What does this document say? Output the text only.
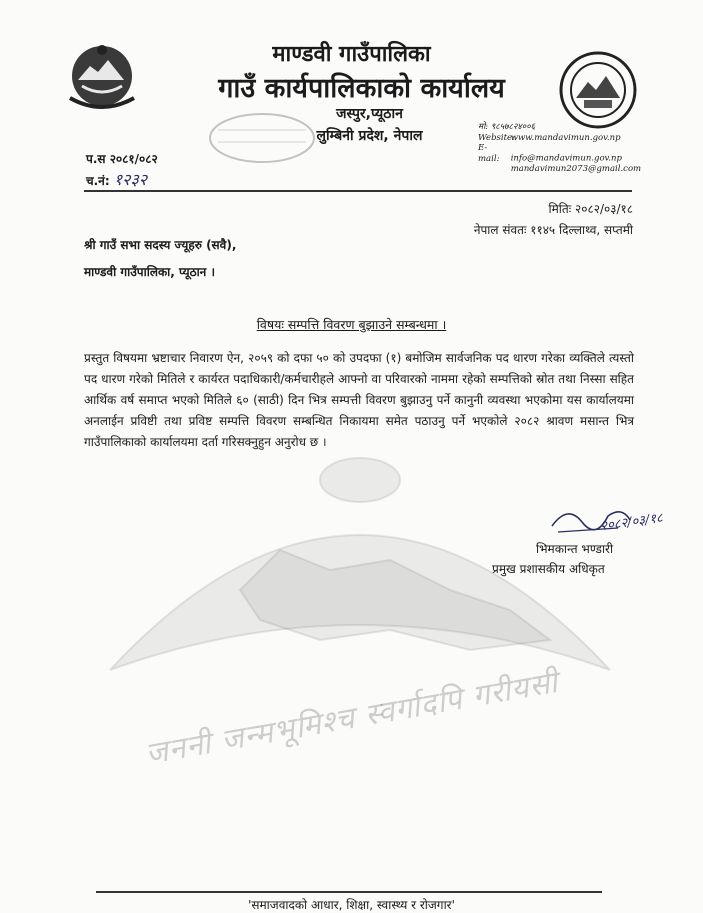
माण्डवी गाउँपालिका
गाउँ कार्यपालिकाको कार्यालय
जस्पुर,प्यूठान
लुम्बिनी प्रदेश, नेपाल
मो: ९८५७८२४००६
Website: www.mandavimun.gov.np
E-mail: info@mandavimun.gov.np
mandavimun2073@gmail.com
प.स २०८१/०८२
च.नं: १२३२
मितिः २०८२/०३/१८
नेपाल संवतः ११४५ दिल्लाथ्व, सप्तमी
श्री गाउँ सभा सदस्य ज्यूहरु (सवै),
माण्डवी गाउँपालिका, प्यूठान ।
विषयः सम्पत्ति विवरण बुझाउने सम्बन्धमा ।
प्रस्तुत विषयमा भ्रष्टाचार निवारण ऐन, २०५९ को दफा ५० को उपदफा (१) बमोजिम सार्वजनिक पद धारण गरेका व्यक्तिले त्यस्तो पद धारण गरेको मितिले र कार्यरत पदाधिकारी/कर्मचारीहले आफ्नो वा परिवारको नाममा रहेको सम्पत्तिको स्रोत तथा निस्सा सहित आर्थिक वर्ष समाप्त भएको मितिले ६० (साठी) दिन भित्र सम्पत्ती विवरण बुझाउनु पर्ने कानुनी व्यवस्था भएकोमा यस कार्यालयमा अनलाईन प्रविष्टी तथा प्रविष्ट सम्पत्ति विवरण सम्बन्धित निकायमा समेत पठाउनु पर्ने भएकोले २०८२ श्रावण मसान्त भित्र गाउँपालिकाको कार्यालयमा दर्ता गरिसक्नुहुन अनुरोध छ ।
२०८२/०३/१८
भिमकान्त भण्डारी
प्रमुख प्रशासकीय अधिकृत
जननी जन्मभूमिश्च स्वर्गादपि गरीयसी
'समाजवादको आधार, शिक्षा, स्वास्थ्य र रोजगार'
